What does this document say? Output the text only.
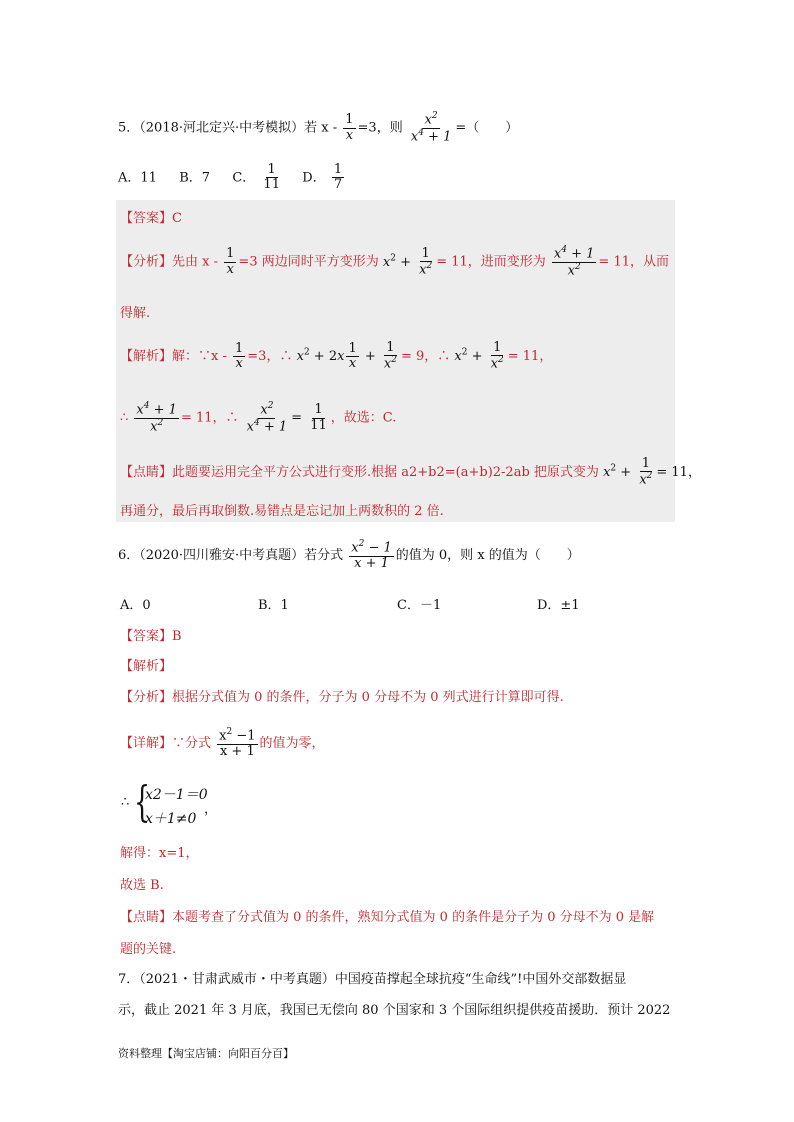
5．（2018·河北定兴·中考模拟）若 $x - \frac{1}{x} =3$，则 $\frac{x^2}{x^4 + 1}$ =（　　）
A．11 B．7 C． $\frac{1}{11}$ D． $\frac{1}{7}$
【答案】C
【分析】先由 $x - \frac{1}{x} =3$ 两边同时平方变形为 $x^2 + \frac{1}{x^2} = 11$，进而变形为 $\frac{x^4 + 1}{x^2} = 11$，从而
得解.
【解析】解：∵x - $\frac{1}{x} =3$，∴ $x^2 + 2x \frac{1}{x} + \frac{1}{x^2} = 9$，∴ $x^2 + \frac{1}{x^2} = 11$，
∴ $\frac{x^4 + 1}{x^2} = 11$，∴ $\frac{x^2}{x^4 + 1} = \frac{1}{11}$ ，故选：C.
【点睛】此题要运用完全平方公式进行变形.根据 a2+b2=(a+b)2-2ab 把原式变为 $x^2 + \frac{1}{x^2} = 11$，
再通分，最后再取倒数.易错点是忘记加上两数积的 2 倍.
6．（2020·四川雅安·中考真题）若分式 $\frac{x^2 - 1}{x + 1}$ 的值为 0，则 x 的值为（　　）
A．0	B．1	C．－1	D．±1
【答案】B
【解析】
【分析】根据分式值为 0 的条件，分子为 0 分母不为 0 列式进行计算即可得.
【详解】∵分式 $\frac{x^2 -1}{x + 1}$ 的值为零，
∴ {
x2－1＝0
x＋1≠0
，
解得：x=1，
故选 B.
【点睛】本题考查了分式值为 0 的条件，熟知分式值为 0 的条件是分子为 0 分母不为 0 是解
题的关键.
7．（2021・甘肃武威市・中考真题）中国疫苗撑起全球抗疫“生命线”!中国外交部数据显
示，截止 2021 年 3 月底，我国已无偿向 80 个国家和 3 个国际组织提供疫苗援助．预计 2022
资料整理【淘宝店铺：向阳百分百】
